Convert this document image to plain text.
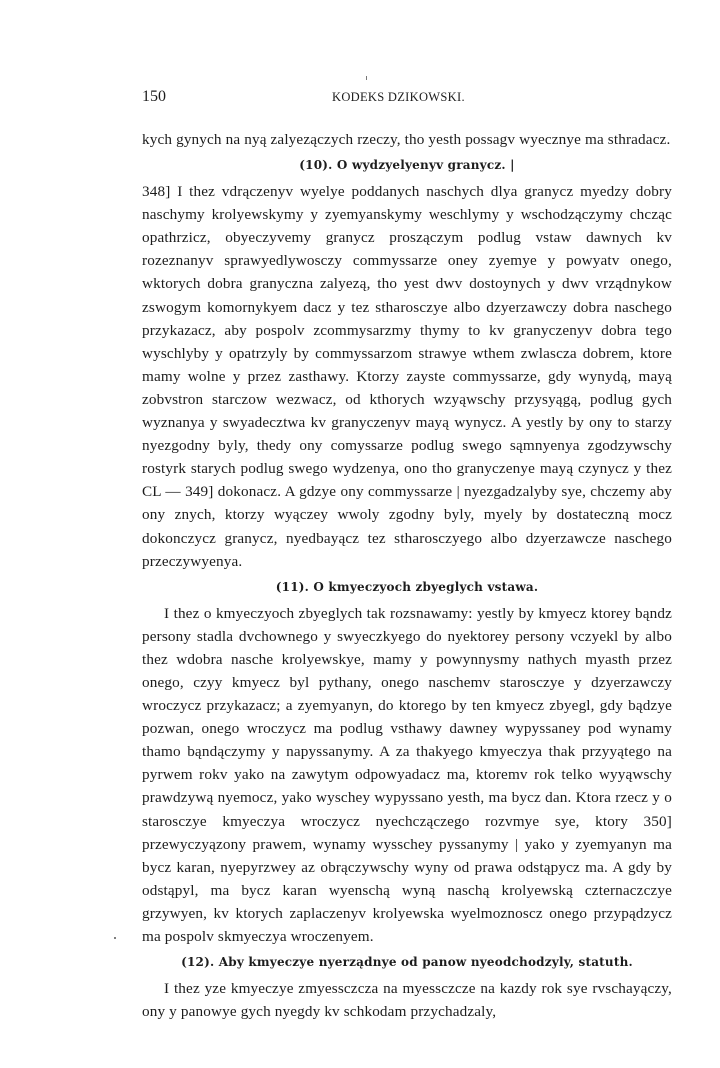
150	KODEKS DZIKOWSKI.

kych gynych na nyą zalyezączych rzeczy, tho yesth possagv wyecznye ma sthradacz.

(10). O wydzyelyenyv granycz. |

348] I thez vdrączenyv wyelye poddanych naschych dlya granycz myedzy dobry naschymy krolyewskymy y zyemyanskymy weschlymy y wschodzączymy chcząc opathrzicz, obyeczyvemy granycz proszączym podlug vstaw dawnych kv rozeznanyv sprawyedlywosczy commyssarze oney zyemye y powyatv onego, wktorych dobra granyczna zalyezą, tho yest dwv dostoynych y dwv vrządnykow zswogym komornykyem dacz y tez stharosczye albo dzyerzawczy dobra naschego przykazacz, aby pospolv zcommysarzmy thymy to kv granyczenyv dobra tego wyschlyby y opatrzyly by commyssarzom strawye wthem zwlascza dobrem, ktore mamy wolne y przez zasthawy. Ktorzy zayste commyssarze, gdy wynydą, mayą zobvstron starczow wezwacz, od kthorych wzyąwschy przysyągą, podlug gych wyznanya y swyadecztwa kv granyczenyv mayą wynycz. A yestly by ony to starzy nyezgodny byly, thedy ony comyssarze podlug swego sąmnyenya zgodzywschy rostyrk starych podlug swego wydzenya, ono tho granyczenye mayą czynycz y thez CL — 349] dokonacz. A gdzye ony commyssarze | nyezgadzalyby sye, chczemy aby ony znych, ktorzy wyączey wwoly zgodny byly, myely by dostateczną mocz dokonczycz granycz, nyedbayącz tez stharosczyego albo dzyerzawcze naschego przeczywyenya.

(11). O kmyeczyoch zbyeglych vstawa.

I thez o kmyeczyoch zbyeglych tak rozsnawamy: yestly by kmyecz ktorey bąndz persony stadla dvchownego y swyeczkyego do nyektorey persony vczyekl by albo thez wdobra nasche krolyewskye, mamy y powynnysmy nathych myasth przez onego, czyy kmyecz byl pythany, onego naschemv starosczye y dzyerzawczy wroczycz przykazacz; a zyemyanyn, do ktorego by ten kmyecz zbyegl, gdy bądzye pozwan, onego wroczycz ma podlug vsthawy dawney wypyssaney pod wynamy thamo bąndączymy y napyssanymy. A za thakyego kmyeczya thak przyyątego na pyrwem rokv yako na zawytym odpowyadacz ma, ktoremv rok telko wyyąwschy prawdzywą nyemocz, yako wyschey wypyssano yesth, ma bycz dan. Ktora rzecz y o starosczye kmyeczya wroczycz nyechczączego rozvmye sye, ktory 350] przewyczyązony prawem, wynamy wysschey pyssanymy | yako y zyemyanyn ma bycz karan, nyepyrzwey az obrączywschy wyny od prawa odstąpycz ma. A gdy by odstąpyl, ma bycz karan wyenschą wyną naschą krolyewską czternaczczye grzywyen, kv ktorych zaplaczenyv krolyewska wyelmoznoscz onego przypądzycz ma pospolv skmyeczya wroczenyem.

(12). Aby kmyeczye nyerządnye od panow nyeodchodzyly, statuth.

I thez yze kmyeczye zmyessczcza na myessczcze na kazdy rok sye rvschayączy, ony y panowye gych nyegdy kv schkodam przychadzaly,
